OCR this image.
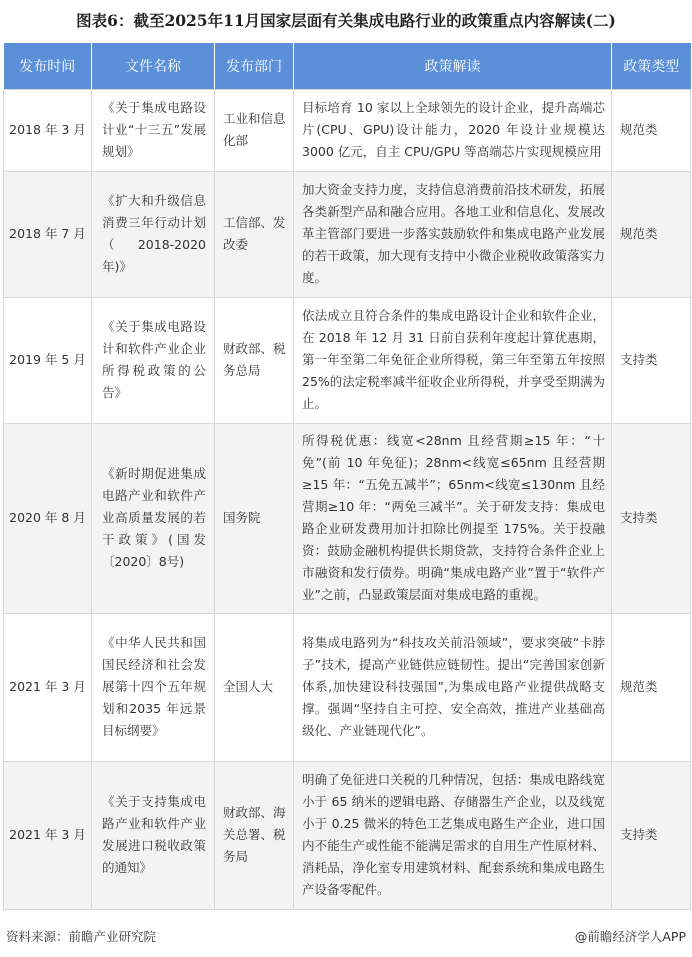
图表6：截至2025年11月国家层面有关集成电路行业的政策重点内容解读(二)
发布时间	文件名称	发布部门	政策解读	政策类型
2018 年 3 月	《关于集成电路设计业“十三五”发展规划》	工业和信息化部	目标培育 10 家以上全球领先的设计企业，提升高端芯片(CPU、GPU)设计能力，2020 年设计业规模达 3000 亿元，自主 CPU/GPU 等高端芯片实现规模应用	规范类
2018 年 7 月	《扩大和升级信息消费三年行动计划（2018-2020 年)》	工信部、发改委	加大资金支持力度，支持信息消费前沿技术研发，拓展各类新型产品和融合应用。各地工业和信息化、发展改革主管部门要进一步落实鼓励软件和集成电路产业发展的若干政策，加大现有支持中小微企业税收政策落实力度。	规范类
2019 年 5 月	《关于集成电路设计和软件产业企业所得税政策的公告》	财政部、税务总局	依法成立且符合条件的集成电路设计企业和软件企业，在 2018 年 12 月 31 日前自获利年度起计算优惠期，第一年至第二年免征企业所得税，第三年至第五年按照 25%的法定税率减半征收企业所得税，并享受至期满为止。	支持类
2020 年 8 月	《新时期促进集成电路产业和软件产业高质量发展的若干政策》(国发〔2020〕8号)	国务院	所得税优惠：线宽<28nm 且经营期≥15 年：“十免”(前 10 年免征)；28nm<线宽≤65nm 且经营期≥15 年：“五免五减半”；65nm<线宽≤130nm 且经营期≥10 年：“两免三减半”。关于研发支持：集成电路企业研发费用加计扣除比例提至 175%。关于投融资：鼓励金融机构提供长期贷款，支持符合条件企业上市融资和发行债券。明确“集成电路产业”置于“软件产业”之前，凸显政策层面对集成电路的重视。	支持类
2021 年 3 月	《中华人民共和国国民经济和社会发展第十四个五年规划和2035 年远景目标纲要》	全国人大	将集成电路列为“科技攻关前沿领域”，要求突破“卡脖子”技术，提高产业链供应链韧性。提出“完善国家创新体系,加快建设科技强国”,为集成电路产业提供战略支撑。强调“坚持自主可控、安全高效，推进产业基础高级化、产业链现代化”。	规范类
2021 年 3 月	《关于支持集成电路产业和软件产业发展进口税收政策的通知》	财政部、海关总署、税务局	明确了免征进口关税的几种情况，包括：集成电路线宽小于 65 纳米的逻辑电路、存储器生产企业，以及线宽小于 0.25 微米的特色工艺集成电路生产企业，进口国内不能生产或性能不能满足需求的自用生产性原材料、消耗品，净化室专用建筑材料、配套系统和集成电路生产设备零配件。	支持类
资料来源：前瞻产业研究院	@前瞻经济学人APP
